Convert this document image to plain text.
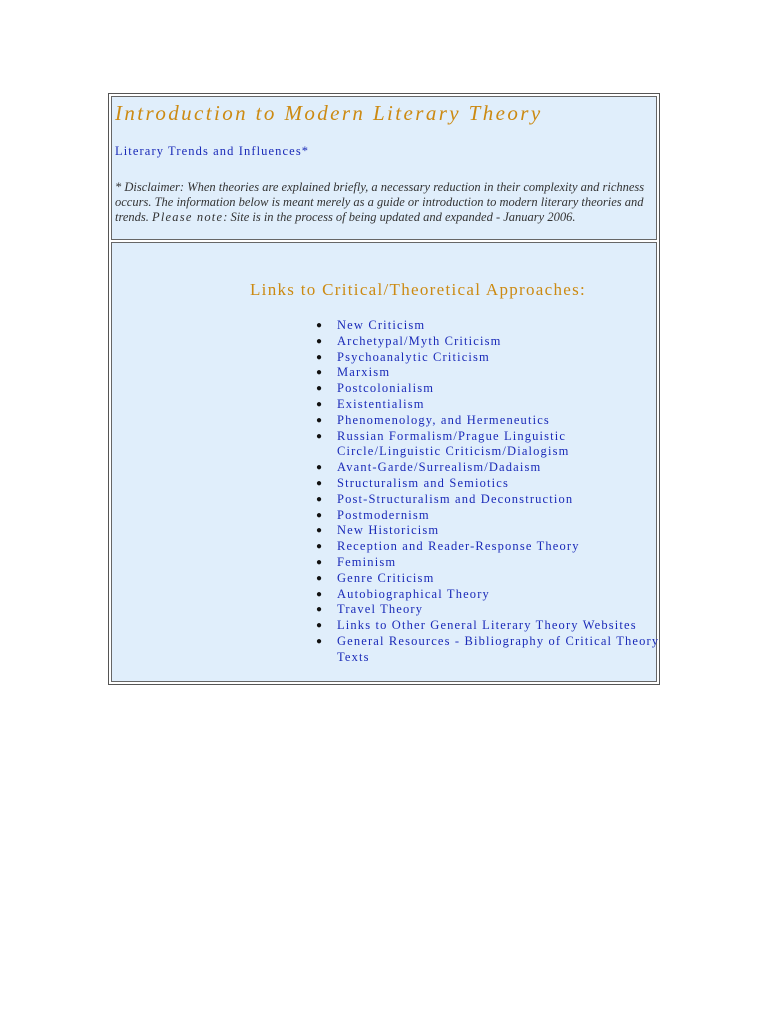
Introduction to Modern Literary Theory
Literary Trends and Influences*

* Disclaimer: When theories are explained briefly, a necessary reduction in their complexity and richness occurs. The information below is meant merely as a guide or introduction to modern literary theories and trends. Please note: Site is in the process of being updated and expanded - January 2006.

Links to Critical/Theoretical Approaches:
● New Criticism
● Archetypal/Myth Criticism
● Psychoanalytic Criticism
● Marxism
● Postcolonialism
● Existentialism
● Phenomenology, and Hermeneutics
● Russian Formalism/Prague Linguistic Circle/Linguistic Criticism/Dialogism
● Avant-Garde/Surrealism/Dadaism
● Structuralism and Semiotics
● Post-Structuralism and Deconstruction
● Postmodernism
● New Historicism
● Reception and Reader-Response Theory
● Feminism
● Genre Criticism
● Autobiographical Theory
● Travel Theory
● Links to Other General Literary Theory Websites
● General Resources - Bibliography of Critical Theory Texts
